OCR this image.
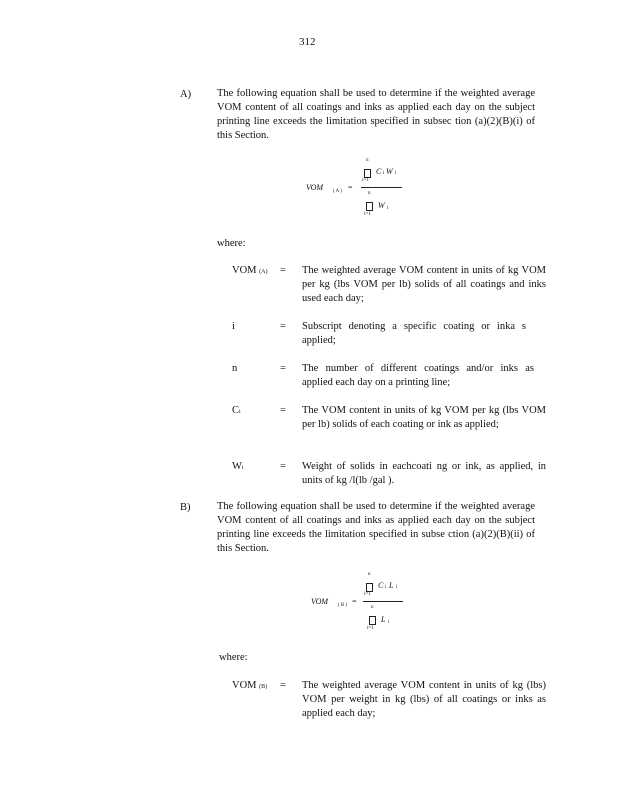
312
A) The following equation shall be used to determine if the weighted average VOM content of all coatings and inks as applied each day on the subject printing line exceeds the limitation specified in subsec tion (a)(2)(B)(i) of this Section.
VOM ( A ) =
n
C i W i
i=1
n
W i
i=1
where:
VOM (A) = The weighted average VOM content in units of kg VOM per kg (lbs VOM per lb) solids of all coatings and inks used each day;
i	= Subscript denoting a specific coating or inka s applied;
n	= The number of different coatings and/or inks as applied each day on a printing line;
Ci	= The VOM content in units of kg VOM per kg (lbs VOM per lb) solids of each coating or ink as applied;
Wi	= Weight of solids in eachcoati ng or ink, as applied, in units of kg /l(lb /gal ).
B)	The following equation shall be used to determine if the weighted average VOM content of all coatings and inks as applied each day on the subject printing line exceeds the limitation specified in subse ction (a)(2)(B)(ii) of this Section.
VOM ( B ) =
n
C i L i
i=1
n
L i
i=1
where:
VOM (B) = The weighted average VOM content in units of kg (lbs) VOM per weight in kg (lbs) of all coatings or inks as applied each day;
